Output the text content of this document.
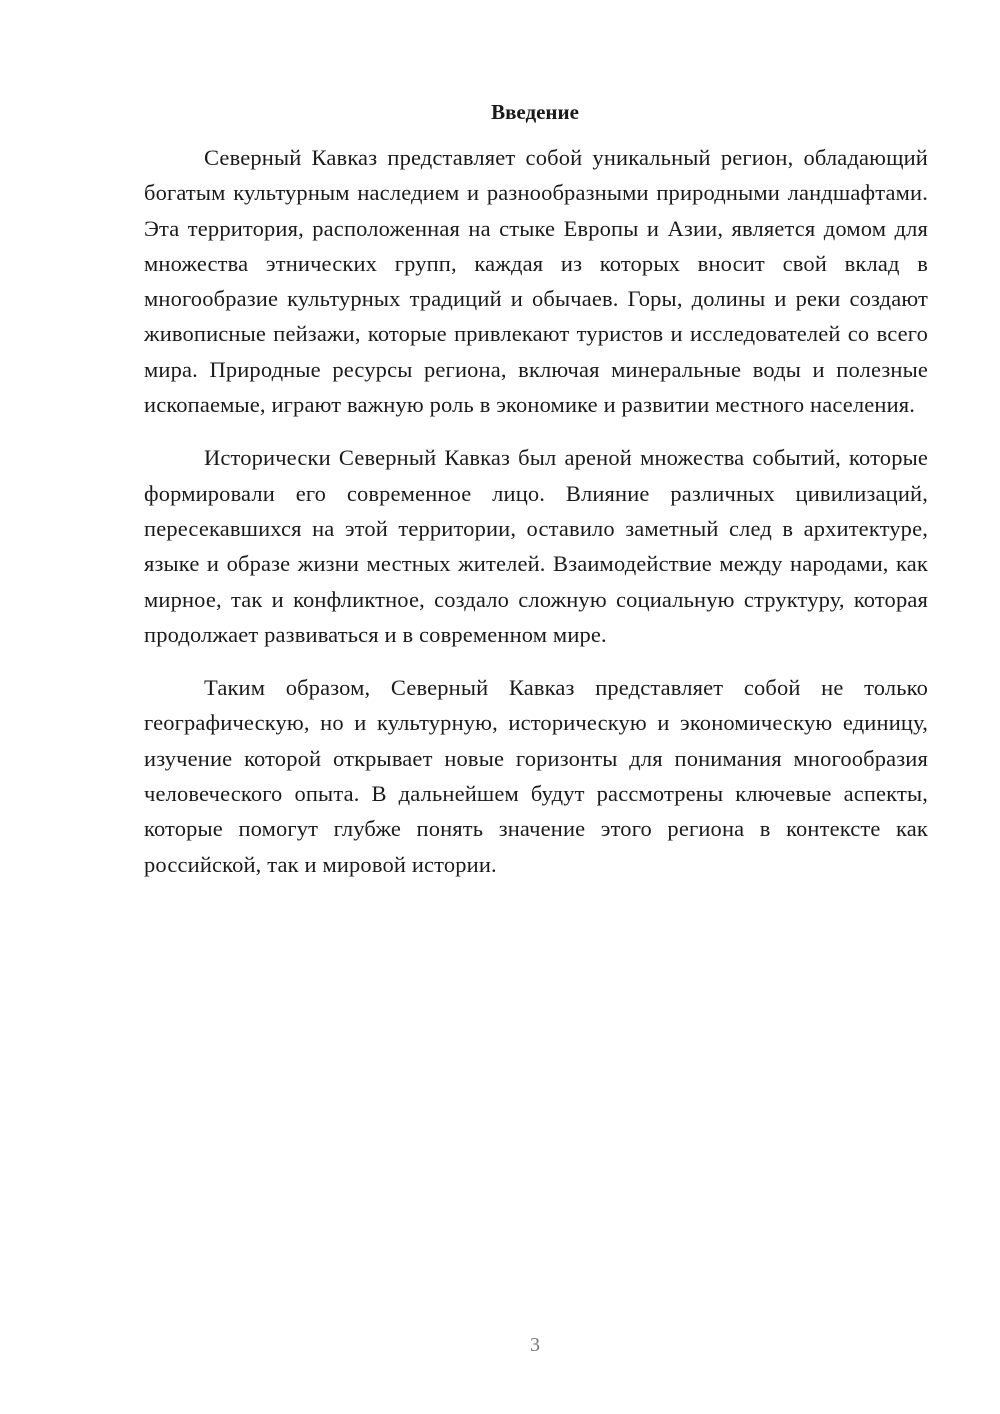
Введение

Северный Кавказ представляет собой уникальный регион, обладающий богатым культурным наследием и разнообразными природными ландшафтами. Эта территория, расположенная на стыке Европы и Азии, является домом для множества этнических групп, каждая из которых вносит свой вклад в многообразие культурных традиций и обычаев. Горы, долины и реки создают живописные пейзажи, которые привлекают туристов и исследователей со всего мира. Природные ресурсы региона, включая минеральные воды и полезные ископаемые, играют важную роль в экономике и развитии местного населения.

Исторически Северный Кавказ был ареной множества событий, которые формировали его современное лицо. Влияние различных цивилизаций, пересекавшихся на этой территории, оставило заметный след в архитектуре, языке и образе жизни местных жителей. Взаимодействие между народами, как мирное, так и конфликтное, создало сложную социальную структуру, которая продолжает развиваться и в современном мире.

Таким образом, Северный Кавказ представляет собой не только географическую, но и культурную, историческую и экономическую единицу, изучение которой открывает новые горизонты для понимания многообразия человеческого опыта. В дальнейшем будут рассмотрены ключевые аспекты, которые помогут глубже понять значение этого региона в контексте как российской, так и мировой истории.

3
